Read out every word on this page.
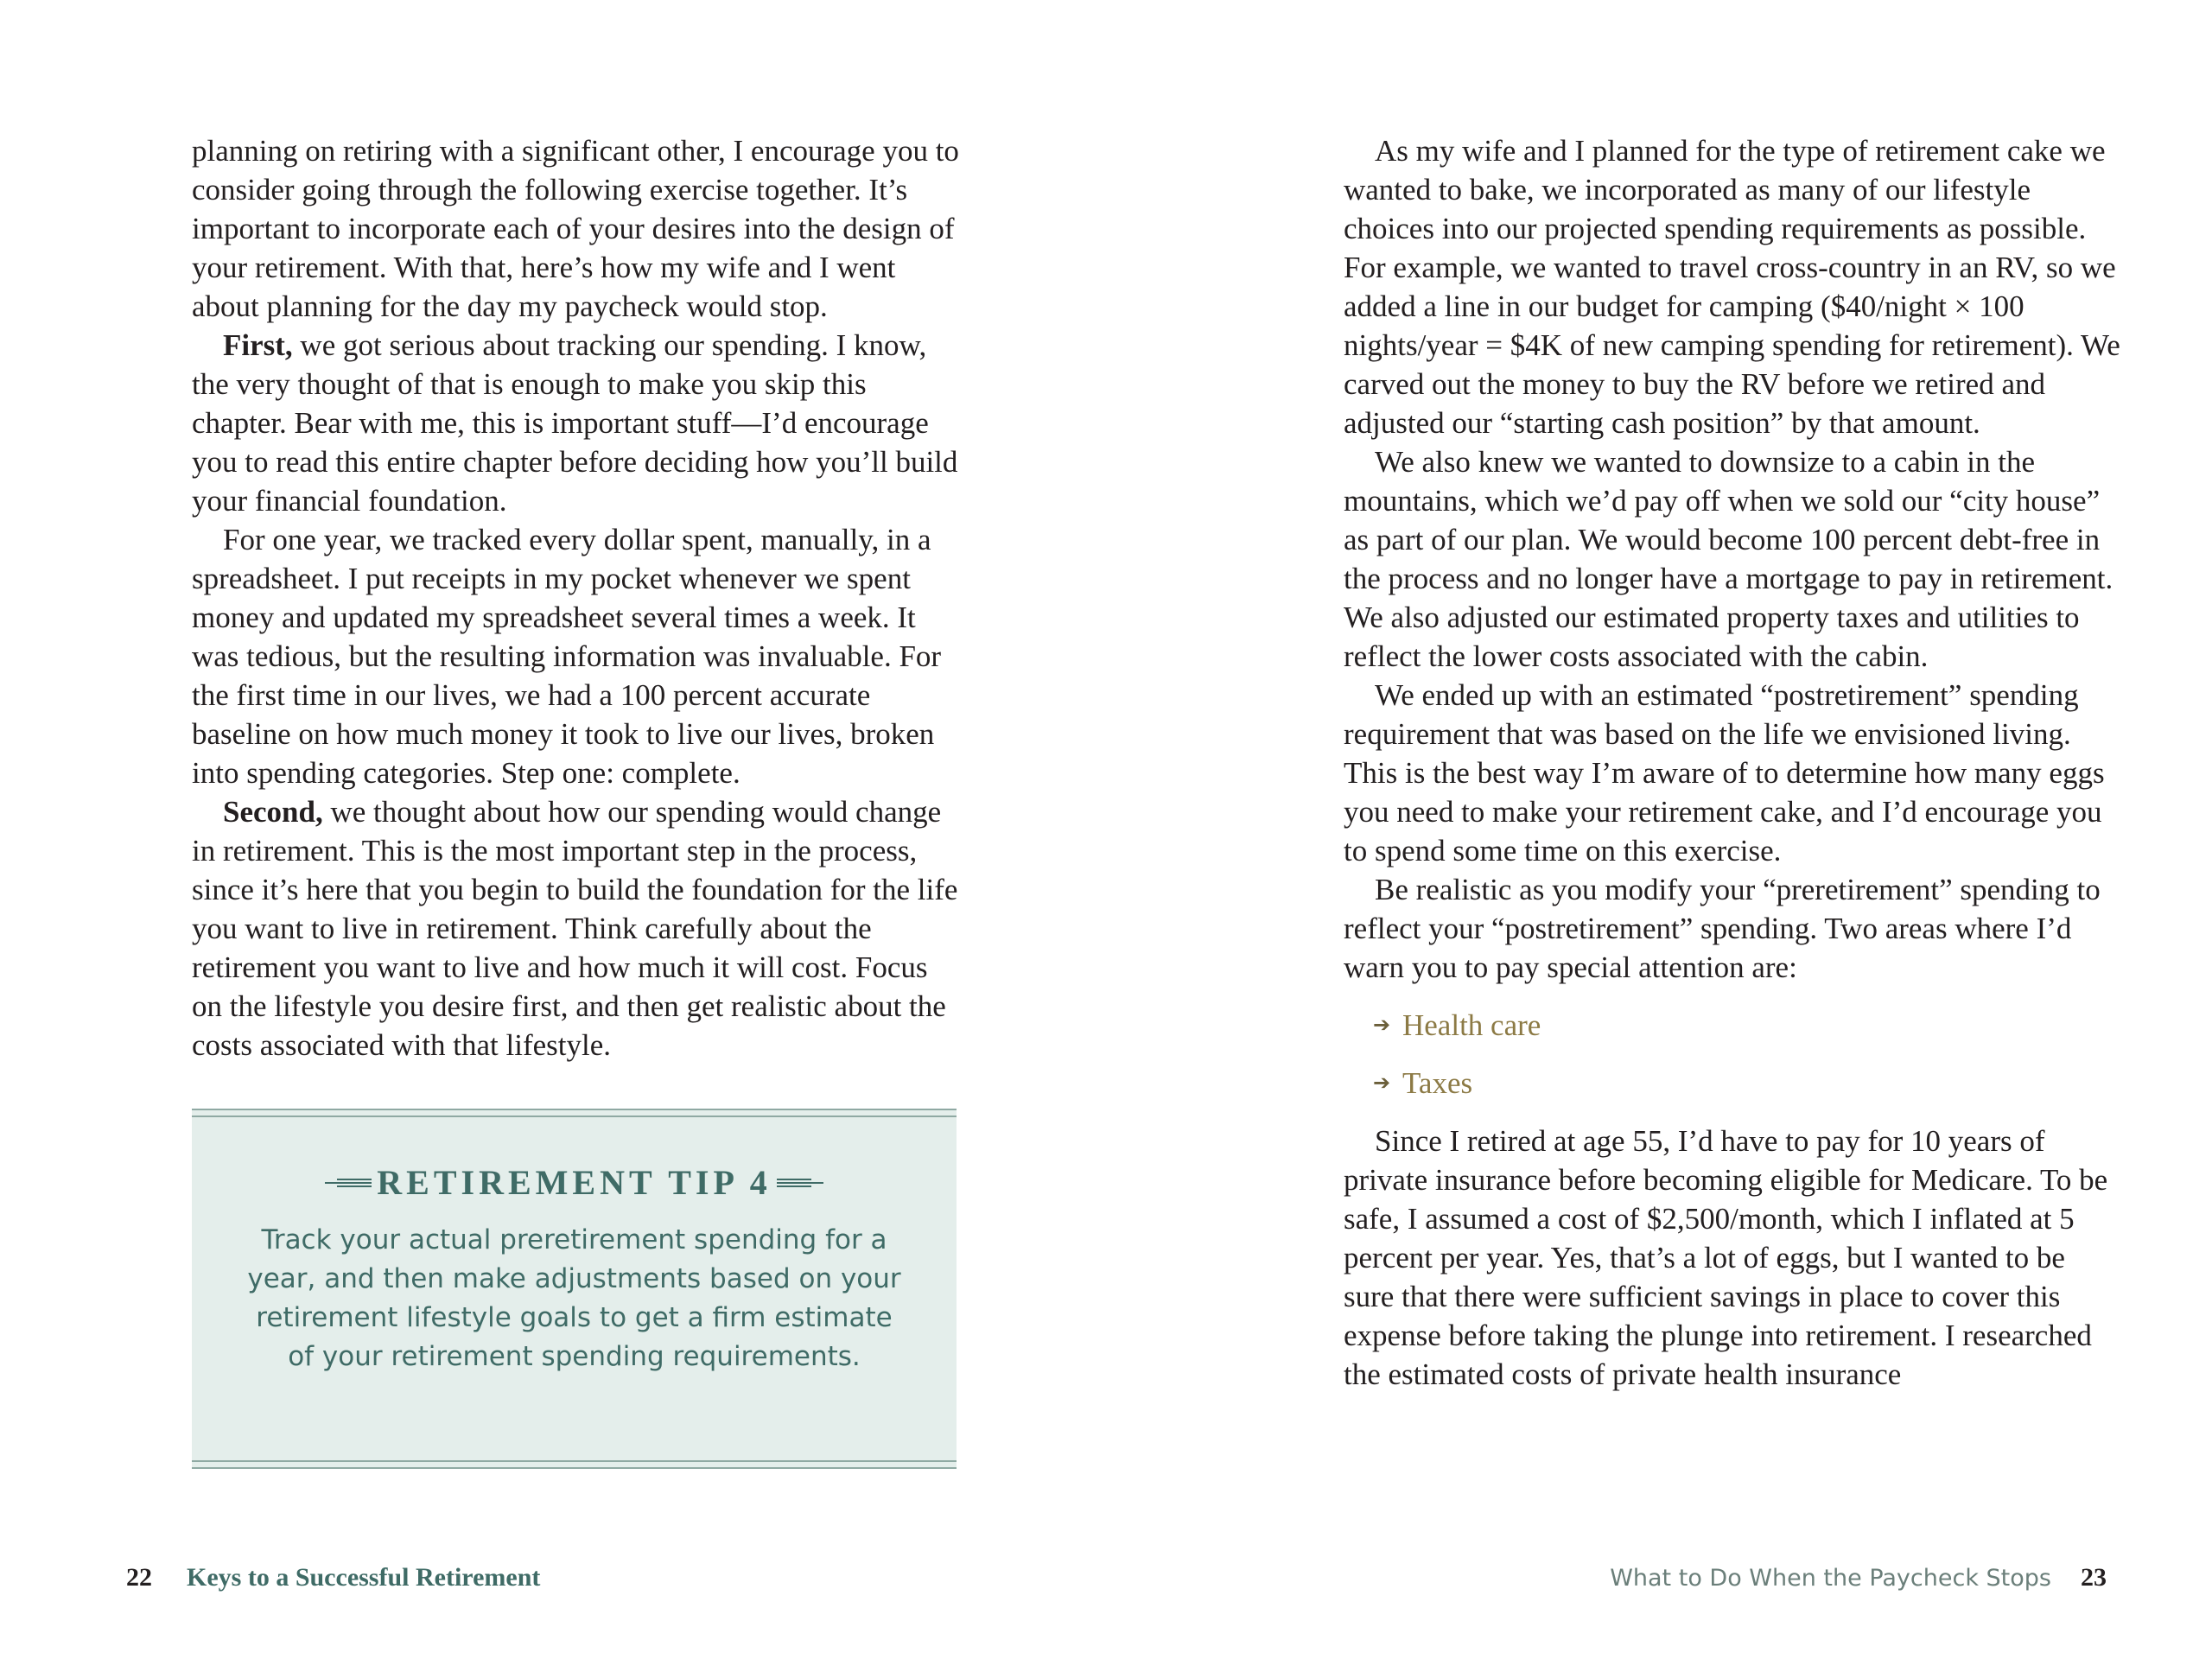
planning on retiring with a significant other, I encourage you to consider going through the following exercise together. It’s important to incorporate each of your desires into the design of your retirement. With that, here’s how my wife and I went about planning for the day my paycheck would stop.

First, we got serious about tracking our spending. I know, the very thought of that is enough to make you skip this chapter. Bear with me, this is important stuff—I’d encourage you to read this entire chapter before deciding how you’ll build your financial foundation.

For one year, we tracked every dollar spent, manually, in a spreadsheet. I put receipts in my pocket whenever we spent money and updated my spreadsheet several times a week. It was tedious, but the resulting information was invaluable. For the first time in our lives, we had a 100 percent accurate baseline on how much money it took to live our lives, broken into spending categories. Step one: complete.

Second, we thought about how our spending would change in retirement. This is the most important step in the process, since it’s here that you begin to build the foundation for the life you want to live in retirement. Think carefully about the retirement you want to live and how much it will cost. Focus on the lifestyle you desire first, and then get realistic about the costs associated with that lifestyle.

RETIREMENT TIP 4
Track your actual preretirement spending for a year, and then make adjustments based on your retirement lifestyle goals to get a firm estimate of your retirement spending requirements.
22 Keys to a Successful Retirement

As my wife and I planned for the type of retirement cake we wanted to bake, we incorporated as many of our lifestyle choices into our projected spending requirements as possible. For example, we wanted to travel cross-country in an RV, so we added a line in our budget for camping ($40/night × 100 nights/year = $4K of new camping spending for retirement). We carved out the money to buy the RV before we retired and adjusted our “starting cash position” by that amount.

We also knew we wanted to downsize to a cabin in the mountains, which we’d pay off when we sold our “city house” as part of our plan. We would become 100 percent debt-free in the process and no longer have a mortgage to pay in retirement. We also adjusted our estimated property taxes and utilities to reflect the lower costs associated with the cabin.

We ended up with an estimated “postretirement” spending requirement that was based on the life we envisioned living. This is the best way I’m aware of to determine how many eggs you need to make your retirement cake, and I’d encourage you to spend some time on this exercise.

Be realistic as you modify your “preretirement” spending to reflect your “postretirement” spending. Two areas where I’d warn you to pay special attention are:

➔ Health care
➔ Taxes

Since I retired at age 55, I’d have to pay for 10 years of private insurance before becoming eligible for Medicare. To be safe, I assumed a cost of $2,500/month, which I inflated at 5 percent per year. Yes, that’s a lot of eggs, but I wanted to be sure that there were sufficient savings in place to cover this expense before taking the plunge into retirement. I researched the estimated costs of private health insurance

What to Do When the Paycheck Stops 23
